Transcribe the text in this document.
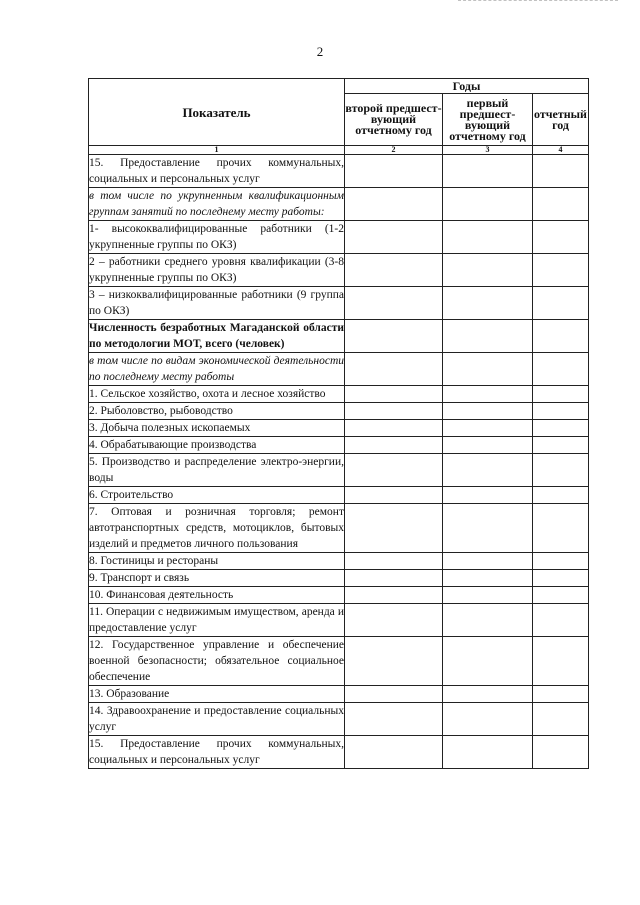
2
Показатель	Годы		
	второй предшест-вующий отчетному год	первый предшест-вующий отчетному год	отчетный год
1	2	3	4
15. Предоставление прочих коммунальных, социальных и персональных услуг			
в том числе по укрупненным квалификационным группам занятий по последнему месту работы:			
1- высококвалифицированные работники (1-2 укрупненные группы по ОКЗ)			
2 – работники среднего уровня квалификации (3-8 укрупненные группы по ОКЗ)			
3 – низкоквалифицированные работники (9 группа по ОКЗ)			
Численность безработных Магаданской области по методологии МОТ, всего (человек)			
в том числе по видам экономической деятельности по последнему месту работы			
1. Сельское хозяйство, охота и лесное хозяйство			
2. Рыболовство, рыбоводство			
3. Добыча полезных ископаемых			
4. Обрабатывающие производства			
5. Производство и распределение электро-энергии, воды			
6. Строительство			
7. Оптовая и розничная торговля; ремонт автотранспортных средств, мотоциклов, бытовых изделий и предметов личного пользования			
8. Гостиницы и рестораны			
9. Транспорт и связь			
10. Финансовая деятельность			
11. Операции с недвижимым имуществом, аренда и предоставление услуг			
12. Государственное управление и обеспечение военной безопасности; обязательное социальное обеспечение			
13. Образование			
14. Здравоохранение и предоставление социальных услуг			
15. Предоставление прочих коммунальных, социальных и персональных услуг			
